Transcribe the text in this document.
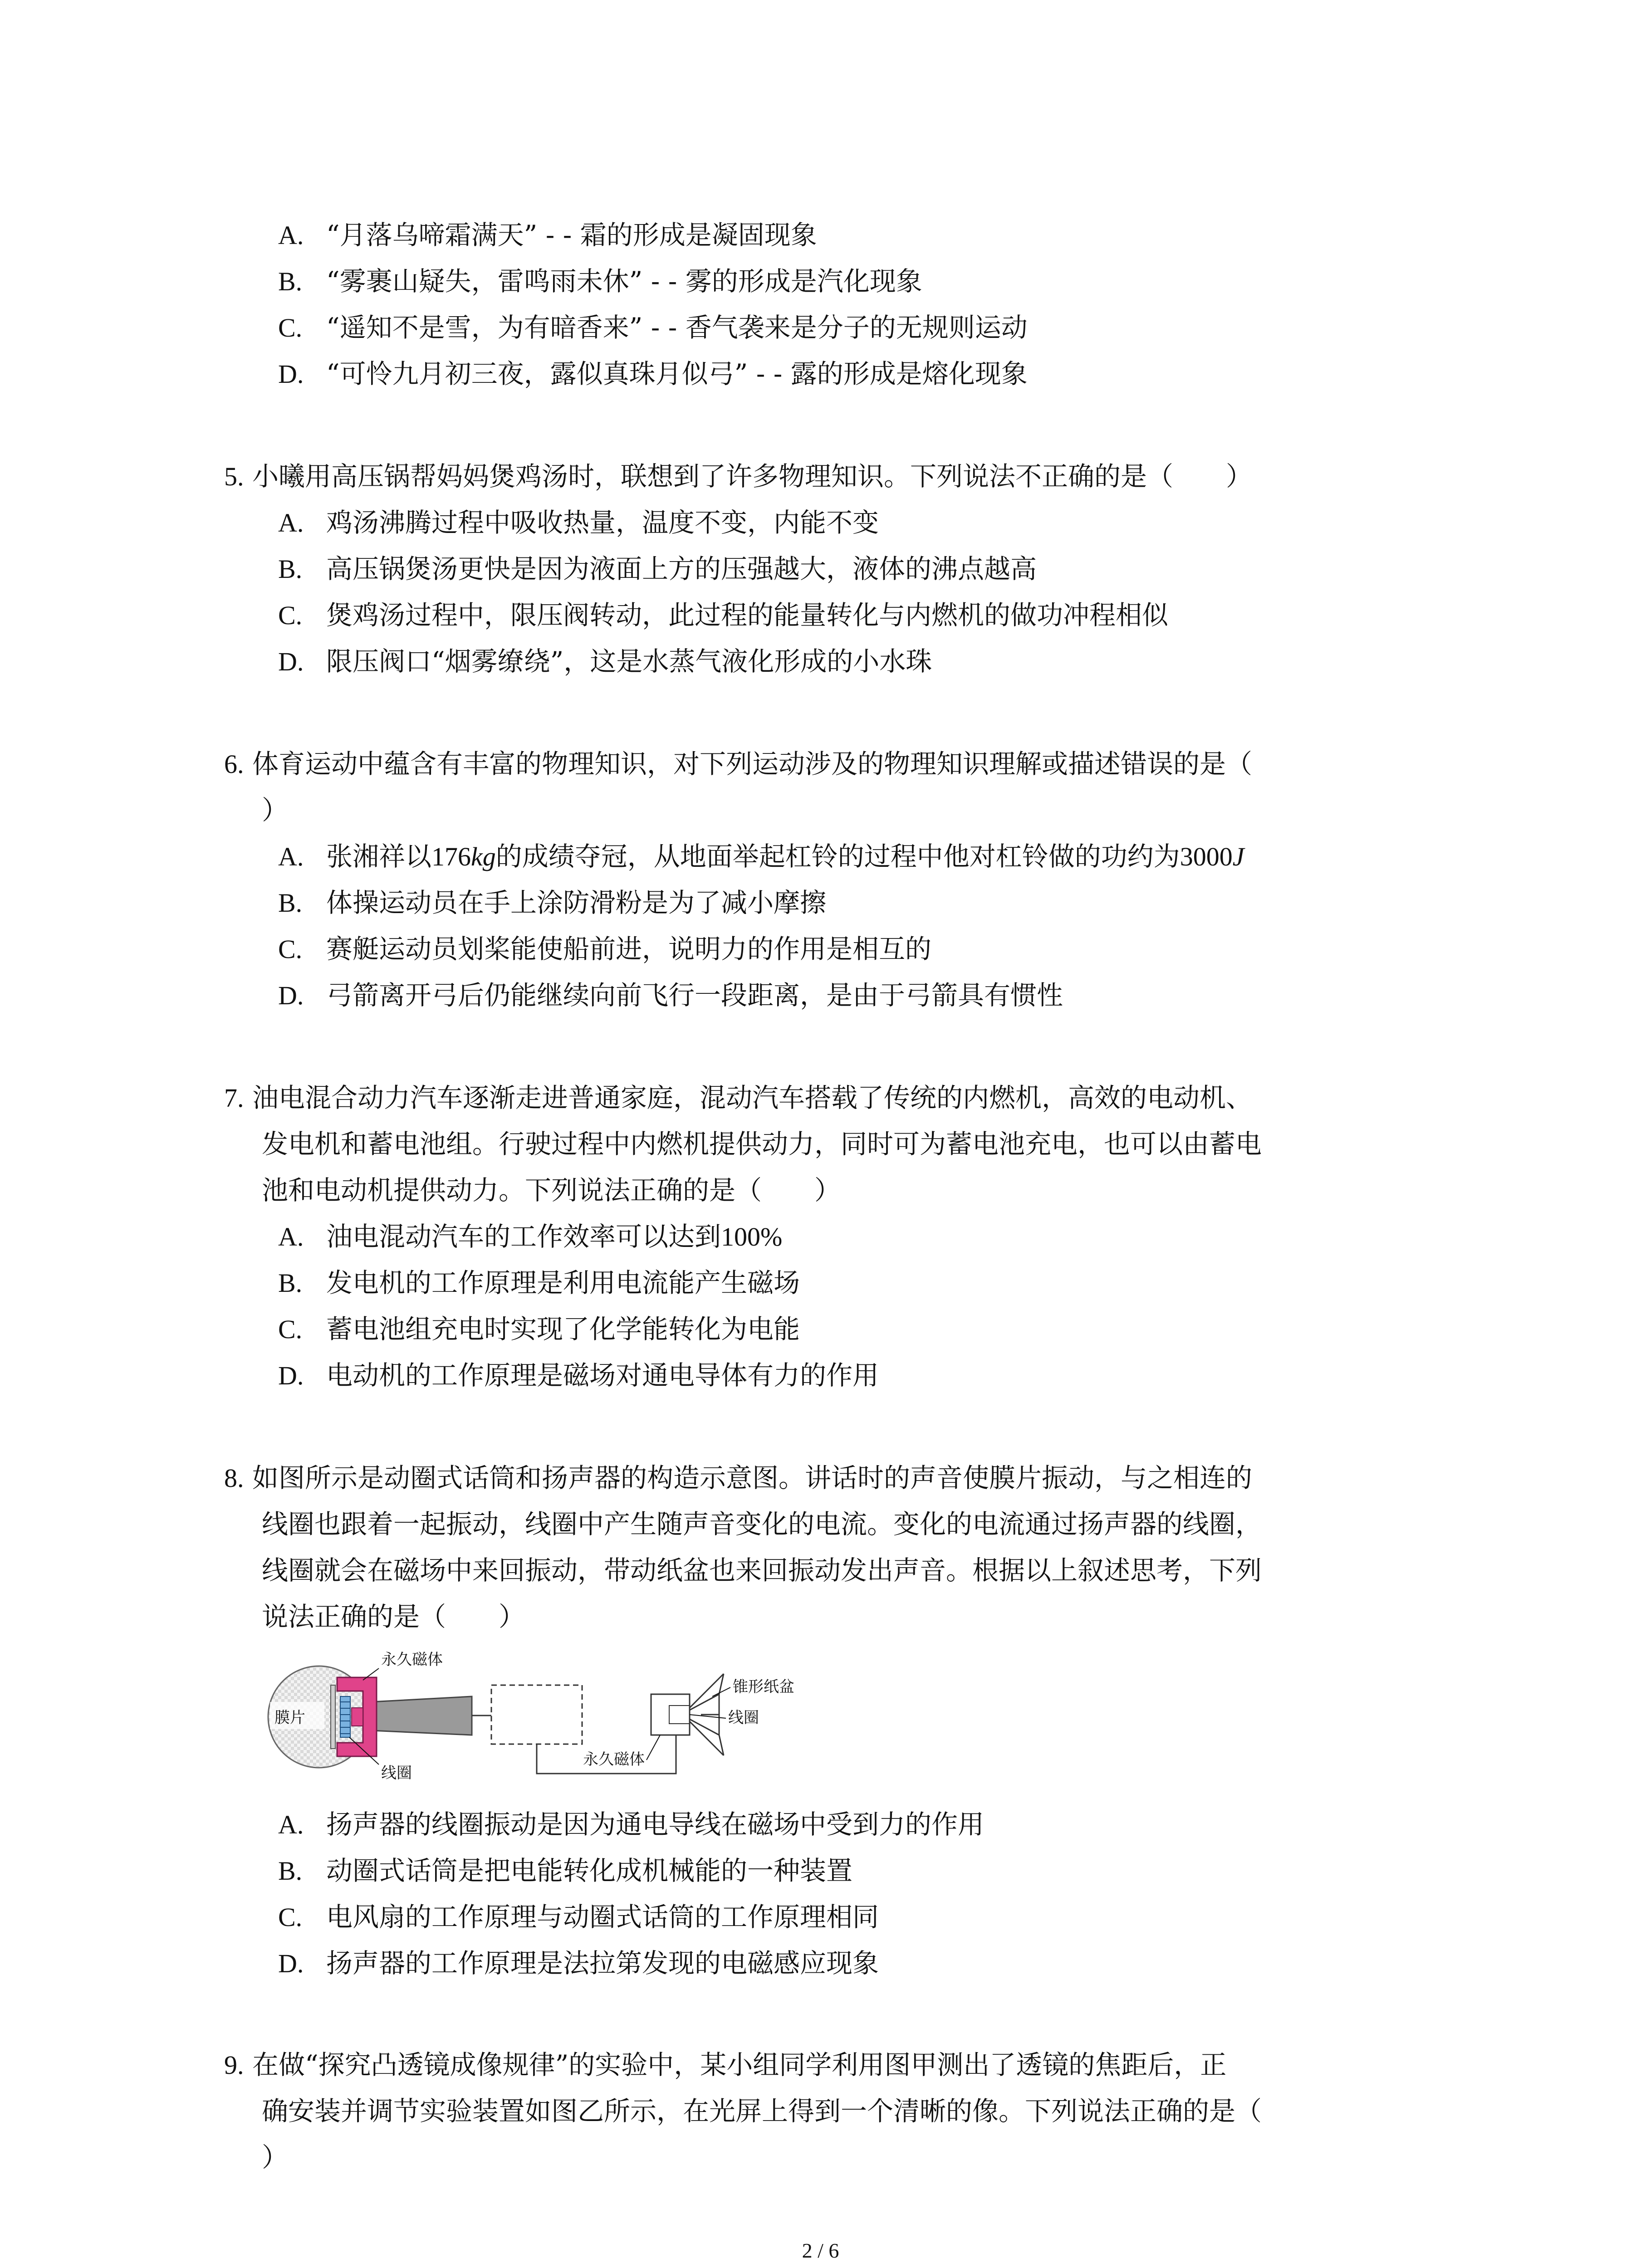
A. “月落乌啼霜满天” - - 霜的形成是凝固现象
B. “雾裹山疑失，雷鸣雨未休” - - 雾的形成是汽化现象
C. “遥知不是雪，为有暗香来” - - 香气袭来是分子的无规则运动
D. “可怜九月初三夜，露似真珠月似弓” - - 露的形成是熔化现象
5. 小曦用高压锅帮妈妈煲鸡汤时，联想到了许多物理知识。下列说法不正确的是（　　）
A. 鸡汤沸腾过程中吸收热量，温度不变，内能不变
B. 高压锅煲汤更快是因为液面上方的压强越大，液体的沸点越高
C. 煲鸡汤过程中，限压阀转动，此过程的能量转化与内燃机的做功冲程相似
D. 限压阀口“烟雾缭绕”，这是水蒸气液化形成的小水珠
6. 体育运动中蕴含有丰富的物理知识，对下列运动涉及的物理知识理解或描述错误的是（
）
A. 张湘祥以176kg的成绩夺冠，从地面举起杠铃的过程中他对杠铃做的功约为3000J
B. 体操运动员在手上涂防滑粉是为了减小摩擦
C. 赛艇运动员划桨能使船前进，说明力的作用是相互的
D. 弓箭离开弓后仍能继续向前飞行一段距离，是由于弓箭具有惯性
7. 油电混合动力汽车逐渐走进普通家庭，混动汽车搭载了传统的内燃机，高效的电动机、
发电机和蓄电池组。行驶过程中内燃机提供动力，同时可为蓄电池充电，也可以由蓄电
池和电动机提供动力。下列说法正确的是（　　）
A. 油电混动汽车的工作效率可以达到100%
B. 发电机的工作原理是利用电流能产生磁场
C. 蓄电池组充电时实现了化学能转化为电能
D. 电动机的工作原理是磁场对通电导体有力的作用
8. 如图所示是动圈式话筒和扬声器的构造示意图。讲话时的声音使膜片振动，与之相连的
线圈也跟着一起振动，线圈中产生随声音变化的电流。变化的电流通过扬声器的线圈，
线圈就会在磁场中来回振动，带动纸盆也来回振动发出声音。根据以上叙述思考，下列
说法正确的是（　　）
膜片
永久磁体
线圈
锥形纸盆
线圈
永久磁体
A. 扬声器的线圈振动是因为通电导线在磁场中受到力的作用
B. 动圈式话筒是把电能转化成机械能的一种装置
C. 电风扇的工作原理与动圈式话筒的工作原理相同
D. 扬声器的工作原理是法拉第发现的电磁感应现象
9. 在做“探究凸透镜成像规律”的实验中，某小组同学利用图甲测出了透镜的焦距后，正
确安装并调节实验装置如图乙所示，在光屏上得到一个清晰的像。下列说法正确的是（
）
2 / 6
